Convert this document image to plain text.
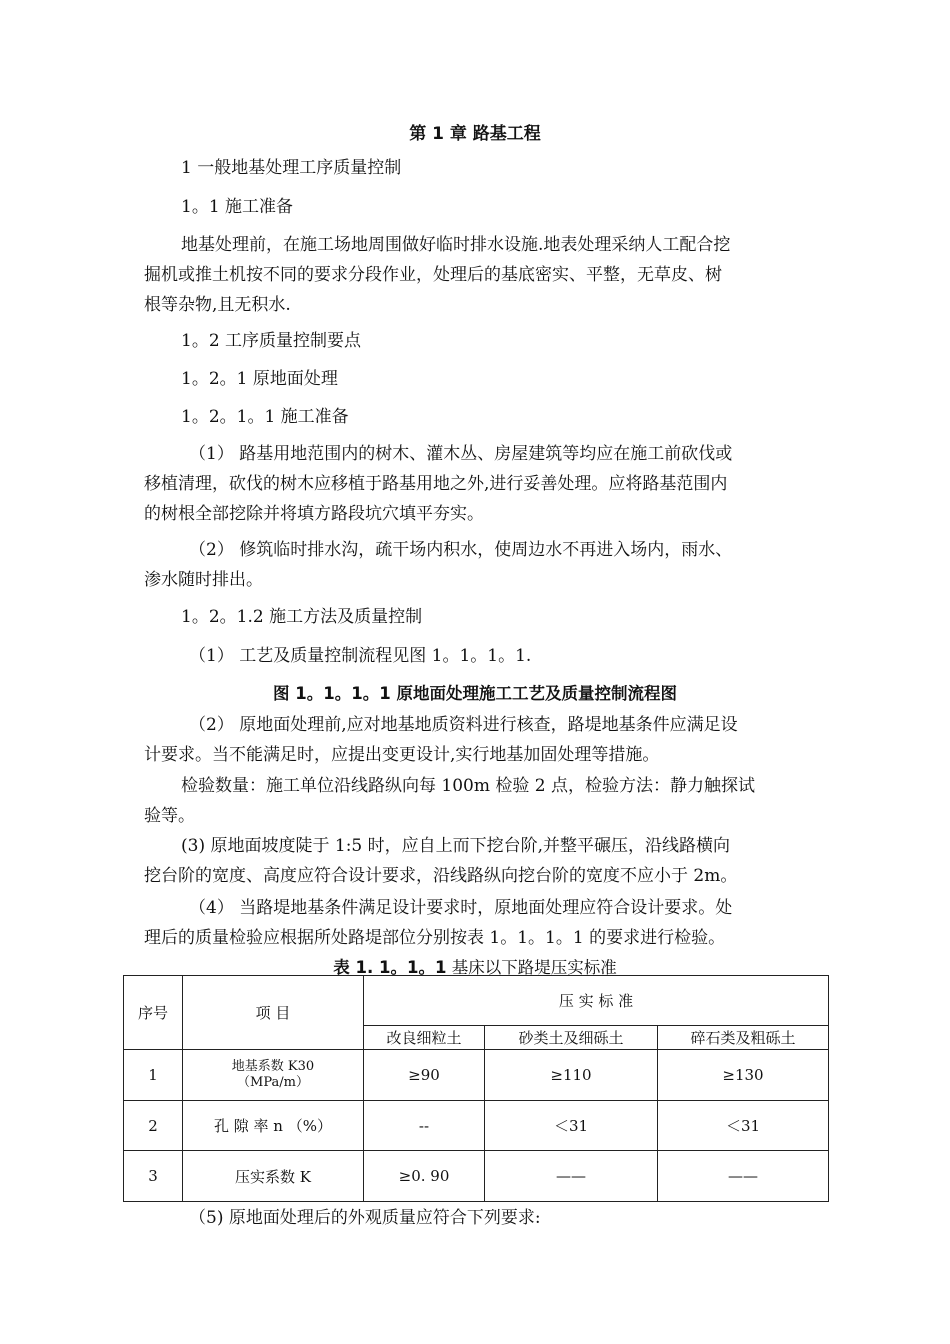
第 1 章 路基工程
1 一般地基处理工序质量控制
1。1 施工准备
地基处理前，在施工场地周围做好临时排水设施.地表处理采纳人工配合挖
掘机或推土机按不同的要求分段作业，处理后的基底密实、平整，无草皮、树
根等杂物,且无积水.
1。2 工序质量控制要点
1。2。1 原地面处理
1。2。1。1 施工准备
（1） 路基用地范围内的树木、灌木丛、房屋建筑等均应在施工前砍伐或
移植清理，砍伐的树木应移植于路基用地之外,进行妥善处理。应将路基范围内
的树根全部挖除并将填方路段坑穴填平夯实。
（2） 修筑临时排水沟，疏干场内积水，使周边水不再进入场内，雨水、
渗水随时排出。
1。2。1.2 施工方法及质量控制
（1） 工艺及质量控制流程见图 1。1。1。1.
图 1。1。1。1 原地面处理施工工艺及质量控制流程图
（2） 原地面处理前,应对地基地质资料进行核查，路堤地基条件应满足设
计要求。当不能满足时，应提出变更设计,实行地基加固处理等措施。
检验数量：施工单位沿线路纵向每 100m 检验 2 点，检验方法：静力触探试
验等。
(3) 原地面坡度陡于 1:5 时，应自上而下挖台阶,并整平碾压，沿线路横向
挖台阶的宽度、高度应符合设计要求，沿线路纵向挖台阶的宽度不应小于 2m。
（4） 当路堤地基条件满足设计要求时，原地面处理应符合设计要求。处
理后的质量检验应根据所处路堤部位分别按表 1。1。1。1 的要求进行检验。
表 1. 1。1。1 基床以下路堤压实标准
序号	项 目	压 实 标 准		
		改良细粒土	砂类土及细砾土	碎石类及粗砾土
1	地基系数 K30
（MPa/m）	≥90	≥110	≥130
2	孔 隙 率 n （%）	--	＜31	＜31
3	压实系数 K	≥0. 90	——	——
（5) 原地面处理后的外观质量应符合下列要求:
